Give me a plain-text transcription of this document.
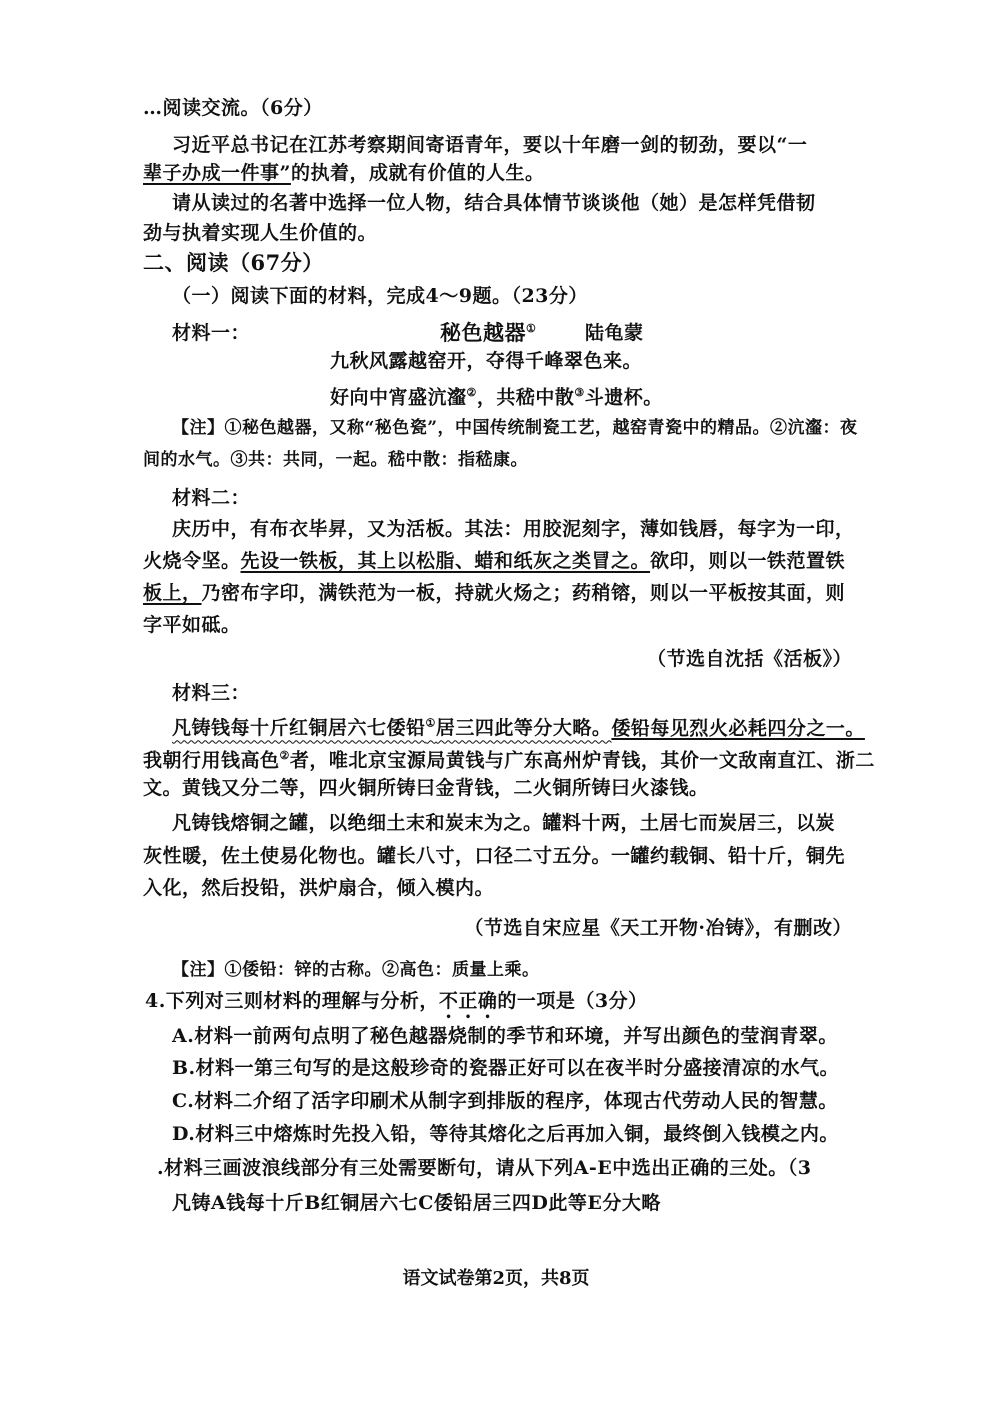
…阅读交流。（6分）
习近平总书记在江苏考察期间寄语青年，要以十年磨一剑的韧劲，要以“一
辈子办成一件事”的执着，成就有价值的人生。
请从读过的名著中选择一位人物，结合具体情节谈谈他（她）是怎样凭借韧
劲与执着实现人生价值的。
二、阅读（67分）
（一）阅读下面的材料，完成4～9题。（23分）
材料一：	秘色越器①	陆龟蒙
九秋风露越窑开，夺得千峰翠色来。
好向中宵盛沆瀣②，共嵇中散③斗遗杯。
【注】①秘色越器，又称“秘色瓷”，中国传统制瓷工艺，越窑青瓷中的精品。②沆瀣：夜
间的水气。③共：共同，一起。嵇中散：指嵇康。
材料二：
庆历中，有布衣毕昇，又为活板。其法：用胶泥刻字，薄如钱唇，每字为一印，
火烧令坚。先设一铁板，其上以松脂、蜡和纸灰之类冒之。欲印，则以一铁范置铁
板上，乃密布字印，满铁范为一板，持就火炀之；药稍镕，则以一平板按其面，则
字平如砥。
（节选自沈括《活板》）
材料三：
凡铸钱每十斤红铜居六七倭铅①居三四此等分大略。倭铅每见烈火必耗四分之一。
我朝行用钱高色②者，唯北京宝源局黄钱与广东高州炉青钱，其价一文敌南直江、浙二
文。黄钱又分二等，四火铜所铸曰金背钱，二火铜所铸曰火漆钱。
凡铸钱熔铜之罐，以绝细土末和炭末为之。罐料十两，土居七而炭居三，以炭
灰性暖，佐土使易化物也。罐长八寸，口径二寸五分。一罐约载铜、铅十斤，铜先
入化，然后投铅，洪炉扇合，倾入模内。
（节选自宋应星《天工开物·冶铸》，有删改）
【注】①倭铅：锌的古称。②高色：质量上乘。
4.下列对三则材料的理解与分析，不正确的一项是（3分）
A.材料一前两句点明了秘色越器烧制的季节和环境，并写出颜色的莹润青翠。
B.材料一第三句写的是这般珍奇的瓷器正好可以在夜半时分盛接清凉的水气。
C.材料二介绍了活字印刷术从制字到排版的程序，体现古代劳动人民的智慧。
D.材料三中熔炼时先投入铅，等待其熔化之后再加入铜，最终倒入钱模之内。
.材料三画波浪线部分有三处需要断句，请从下列A-E中选出正确的三处。（3
凡铸A钱每十斤B红铜居六七C倭铅居三四D此等E分大略
语文试卷第2页，共8页
